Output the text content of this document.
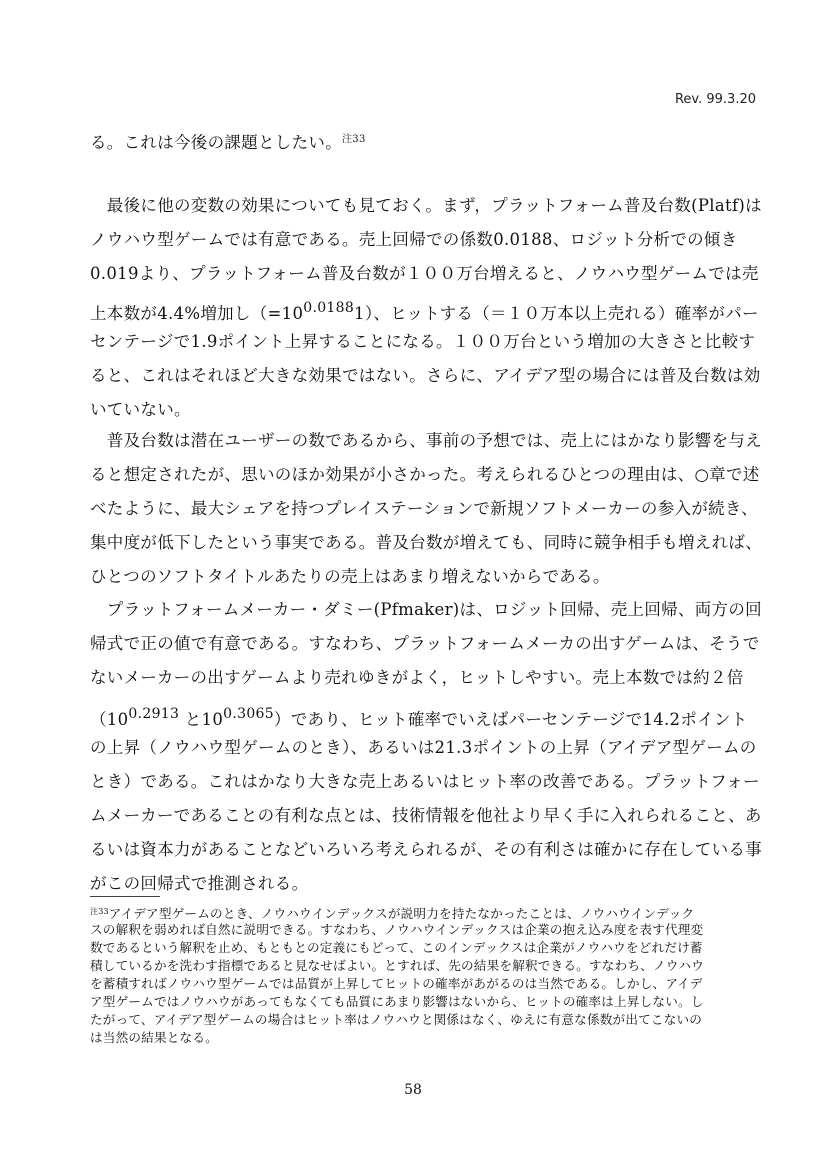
Rev. 99.3.20
る。これは今後の課題としたい。$^{注33}$
　最後に他の変数の効果についても見ておく。まず，プラットフォーム普及台数(Platf)は
ノウハウ型ゲームでは有意である。売上回帰での係数0.0188、ロジット分析での傾き
0.019より、プラットフォーム普及台数が１００万台増えると、ノウハウ型ゲームでは売
上本数が4.4%増加し$(=10^{0.0188}1)$、ヒットする（＝１０万本以上売れる）確率がパー
センテージで1.9ポイント上昇することになる。１００万台という増加の大きさと比較す
ると、これはそれほど大きな効果ではない。さらに、アイデア型の場合には普及台数は効
いていない。
　普及台数は潜在ユーザーの数であるから、事前の予想では、売上にはかなり影響を与え
ると想定されたが、思いのほか効果が小さかった。考えられるひとつの理由は、○章で述
べたように、最大シェアを持つプレイステーションで新規ソフトメーカーの参入が続き、
集中度が低下したという事実である。普及台数が増えても、同時に競争相手も増えれば、
ひとつのソフトタイトルあたりの売上はあまり増えないからである。
　プラットフォームメーカー・ダミー(Pfmaker)は、ロジット回帰、売上回帰、両方の回
帰式で正の値で有意である。すなわち、プラットフォームメーカの出すゲームは、そうで
ないメーカーの出すゲームより売れゆきがよく，ヒットしやすい。売上本数では約２倍
（$10^{0.2913}$ と$10^{0.3065}$）であり、ヒット確率でいえばパーセンテージで14.2ポイント
の上昇（ノウハウ型ゲームのとき）、あるいは21.3ポイントの上昇（アイデア型ゲームの
とき）である。これはかなり大きな売上あるいはヒット率の改善である。プラットフォー
ムメーカーであることの有利な点とは、技術情報を他社より早く手に入れられること、あ
るいは資本力があることなどいろいろ考えられるが、その有利さは確かに存在している事
がこの回帰式で推測される。
$^{注33}$アイデア型ゲームのとき、ノウハウインデックスが説明力を持たなかったことは、ノウハウインデック
スの解釈を弱めれば自然に説明できる。すなわち、ノウハウインデックスは企業の抱え込み度を表す代理変
数であるという解釈を止め、もともとの定義にもどって、このインデックスは企業がノウハウをどれだけ蓄
積しているかを洗わす指標であると見なせばよい。とすれば、先の結果を解釈できる。すなわち、ノウハウ
を蓄積すればノウハウ型ゲームでは品質が上昇してヒットの確率があがるのは当然である。しかし、アイデ
ア型ゲームではノウハウがあってもなくても品質にあまり影響はないから、ヒットの確率は上昇しない。し
たがって、アイデア型ゲームの場合はヒット率はノウハウと関係はなく、ゆえに有意な係数が出てこないの
は当然の結果となる。
58
